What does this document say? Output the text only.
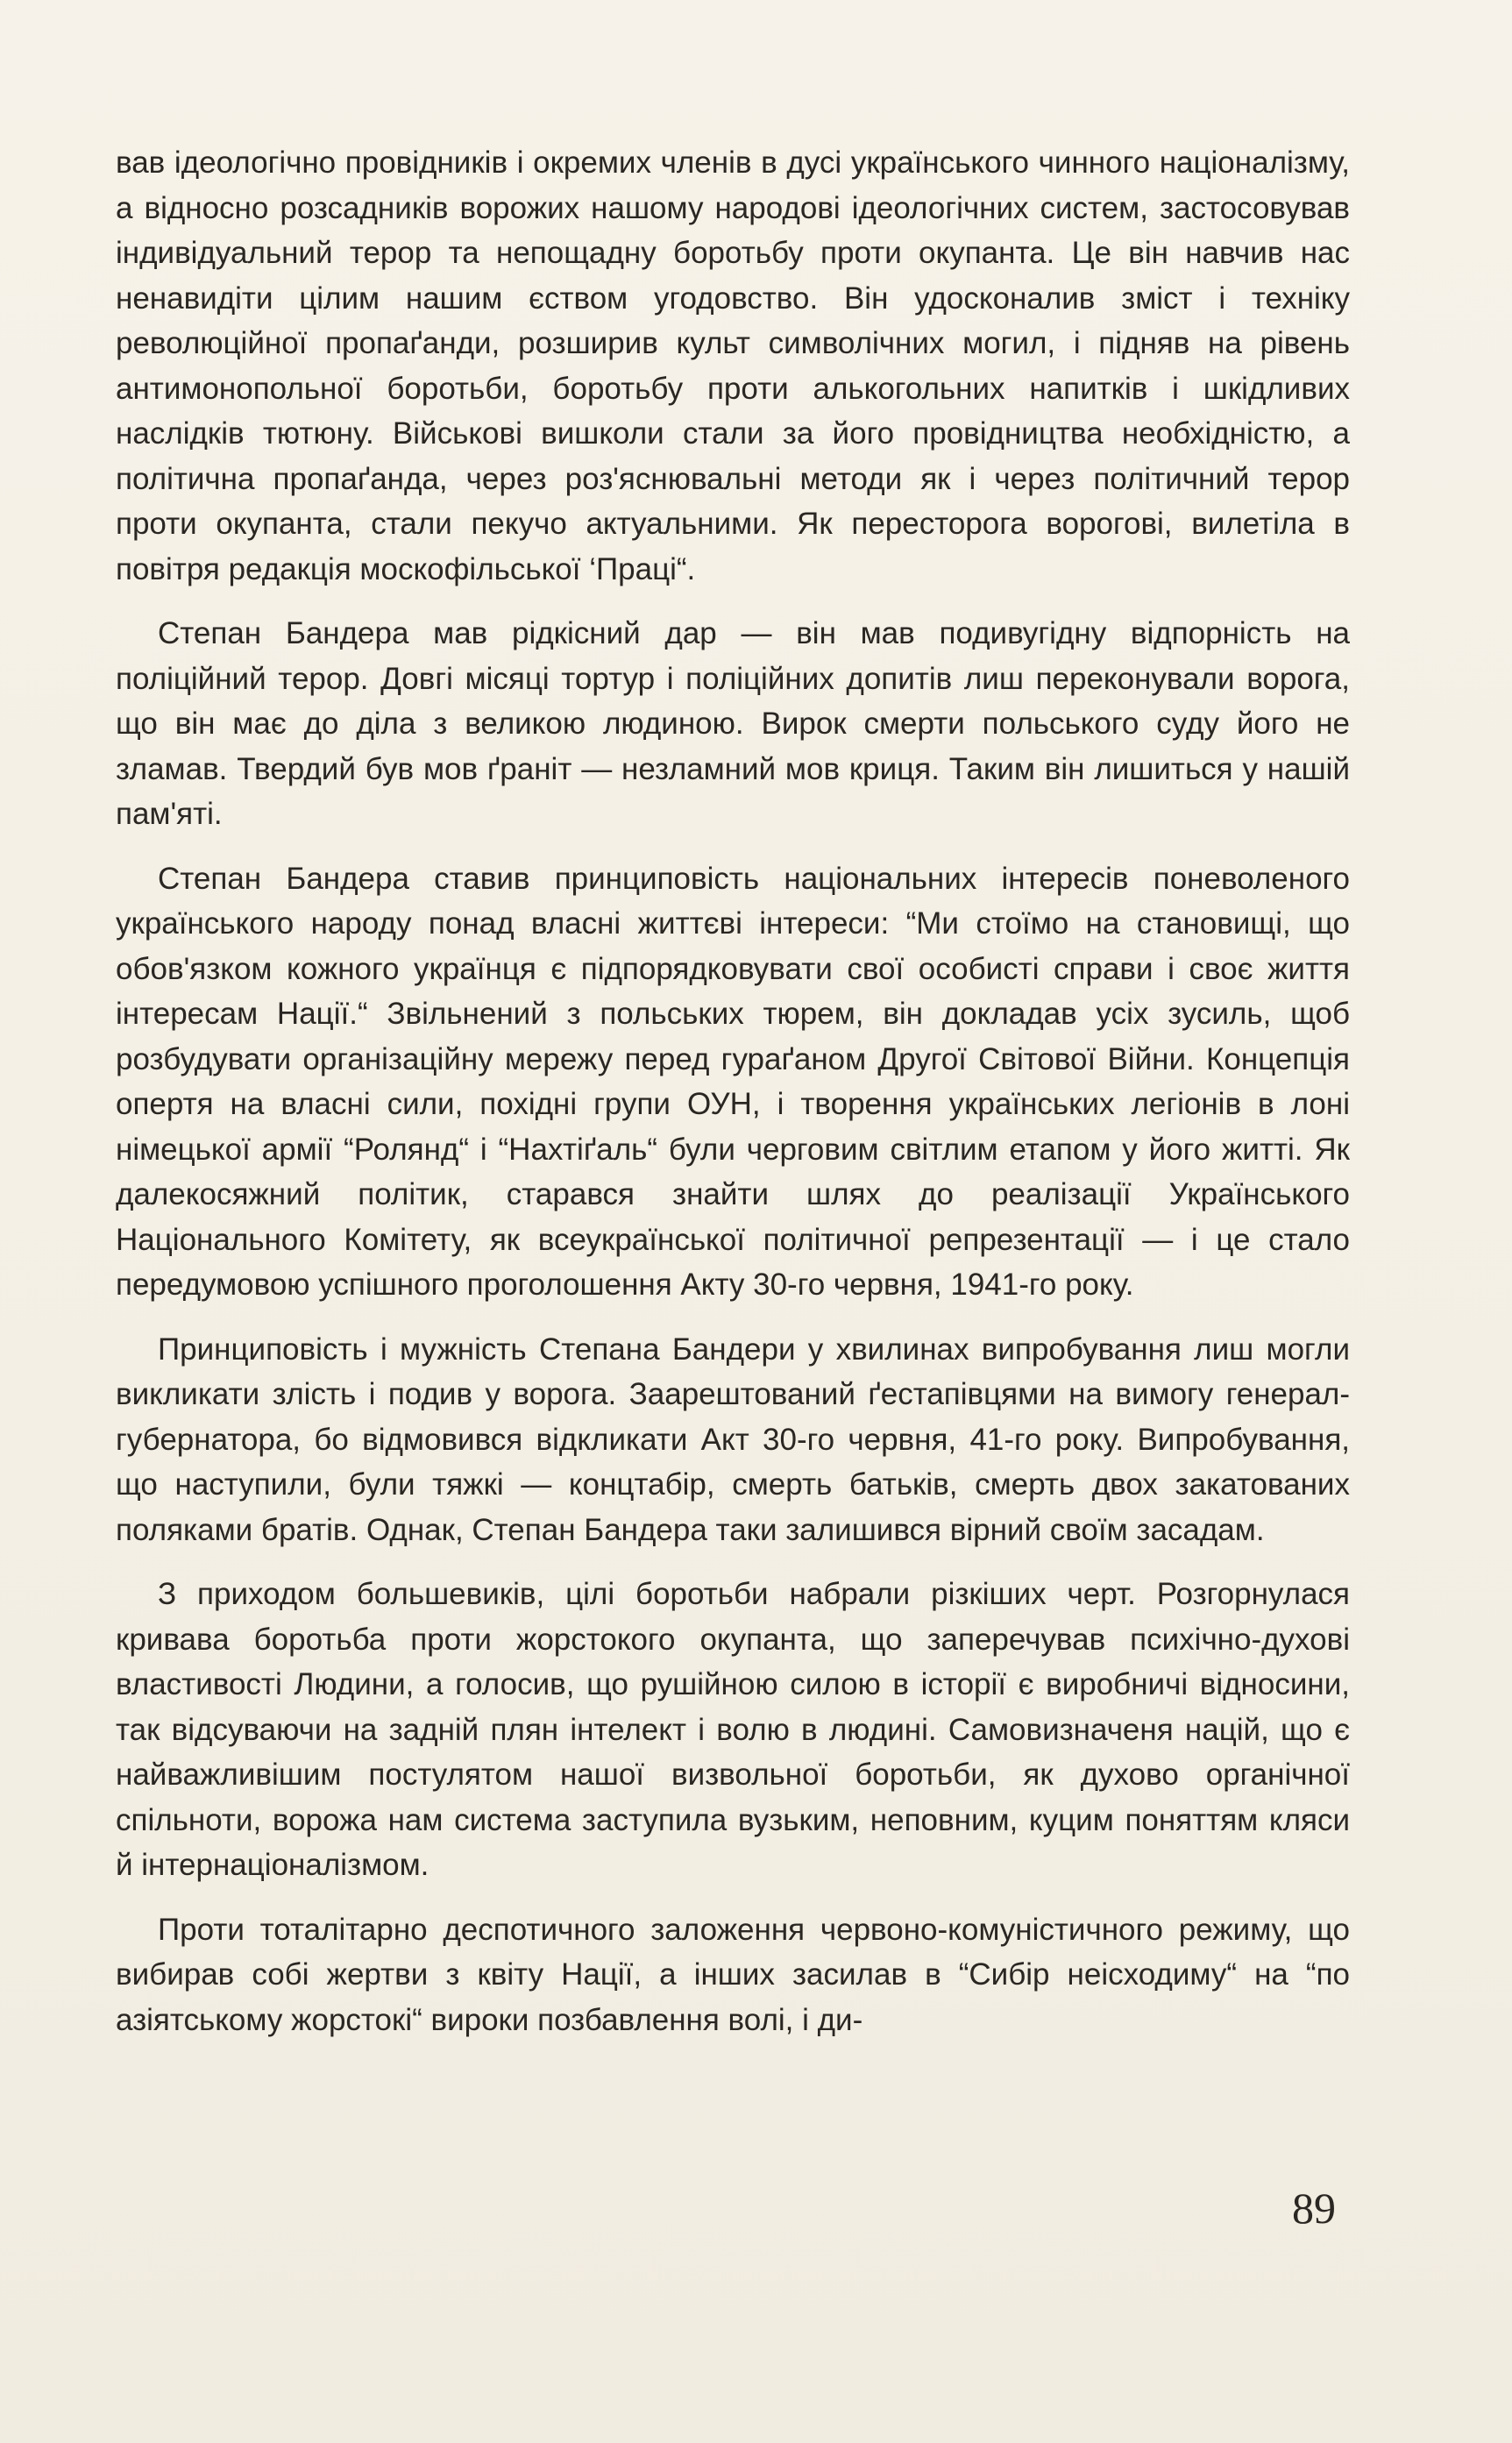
вав ідеологічно провідників і окремих членів в дусі українського чинного націоналізму, а відносно розсадників ворожих нашому народові ідеологічних систем, застосовував індивідуальний терор та непощадну боротьбу проти окупанта. Це він навчив нас ненавидіти цілим нашим єством угодовство. Він удосконалив зміст і техніку революційної пропаґанди, розширив культ символічних могил, і підняв на рівень антимонопольної боротьби, боротьбу проти алькогольних напитків і шкідливих наслідків тютюну. Військові вишколи стали за його провідництва необхідністю, а політична пропаґанда, через роз'яснювальні методи як і через політичний терор проти окупанта, стали пекучо актуальними. Як пересторога ворогові, вилетіла в повітря редакція москофільської ‘Праці“.

Степан Бандера мав рідкісний дар — він мав подивугідну відпорність на поліційний терор. Довгі місяці тортур і поліційних допитів лиш переконували ворога, що він має до діла з великою людиною. Вирок смерти польського суду його не зламав. Твердий був мов ґраніт — незламний мов криця. Таким він лишиться у нашій пам'яті.

Степан Бандера ставив принциповість національних інтересів поневоленого українського народу понад власні життєві інтереси: “Ми стоїмо на становищі, що обов'язком кожного українця є підпорядковувати свої особисті справи і своє життя інтересам Нації.“ Звільнений з польських тюрем, він докладав усіх зусиль, щоб розбудувати організаційну мережу перед гураґаном Другої Світової Війни. Концепція опертя на власні сили, похідні групи ОУН, і творення українських легіонів в лоні німецької армії “Ролянд“ і “Нахтіґаль“ були черговим світлим етапом у його житті. Як далекосяжний політик, старався знайти шлях до реалізації Українського Національного Комітету, як всеукраїнської політичної репрезентації — і це стало передумовою успішного проголошення Акту 30-го червня, 1941-го року.

Принциповість і мужність Степана Бандери у хвилинах випробування лиш могли викликати злість і подив у ворога. Заарештований ґестапівцями на вимогу генерал-губернатора, бо відмовився відкликати Акт 30-го червня, 41-го року. Випробування, що наступили, були тяжкі — концтабір, смерть батьків, смерть двох закатованих поляками братів. Однак, Степан Бандера таки залишився вірний своїм засадам.

З приходом большевиків, цілі боротьби набрали різкіших черт. Розгорнулася кривава боротьба проти жорстокого окупанта, що заперечував психічно-духові властивості Людини, а голосив, що рушійною силою в історії є виробничі відносини, так відсуваючи на задній плян інтелект і волю в людині. Самовизначеня націй, що є найважливішим постулятом нашої визвольної боротьби, як духово органічної спільноти, ворожа нам система заступила вузьким, неповним, куцим поняттям кляси й інтернаціоналізмом.

Проти тоталітарно деспотичного заложення червоно-комуністичного режиму, що вибирав собі жертви з квіту Нації, а інших засилав в “Сибір неісходиму“ на “по азіятському жорстокі“ вироки позбавлення волі, і ди-

89
